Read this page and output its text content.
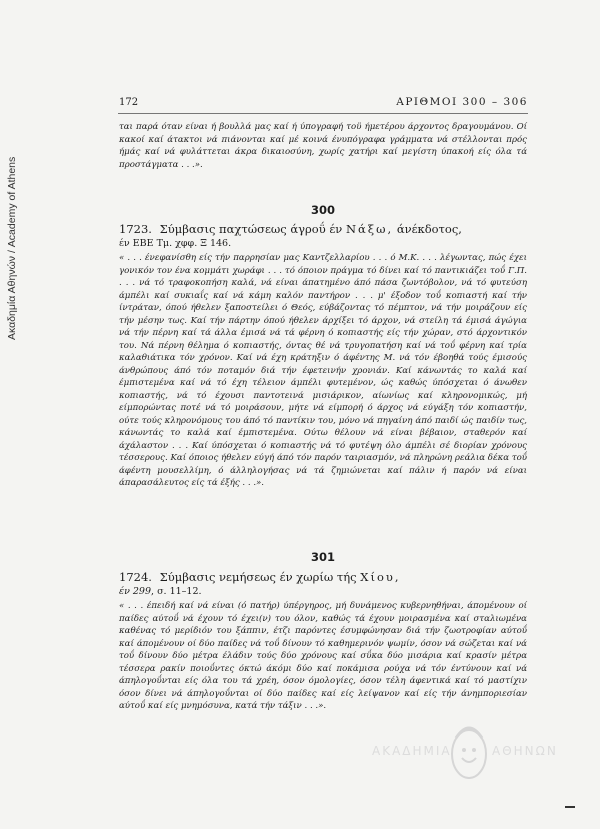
Ακαδημία Αθηνών / Academy of Athens
172	ΑΡΙΘΜΟΙ 300 – 306

ται παρά όταν είναι ή βουλλά μας καί ή ύπογραφή τοϋ ήμετέρου άρχοντος δραγουμάνου. Οί κακοί καί άτακτοι νά πιάνονται καί μέ κοινά ένυπόγραφα γράμματα νά στέλλονται πρός ήμάς καί νά φυλάττεται άκρα δικαιοσύνη, χωρίς χατήρι καί μεγίστη ύπακοή είς όλα τά προστάγματα . . .».

300
1723. Σύμβασις παχτώσεως άγροΰ έν Νάξω, άνέκδοτος,
έν ΕΒΕ Τμ. χφφ. Ξ 146.

« . . . ένεφανίσθη είς τήν παρρησίαν μας Καντζελλαρίου . . . ό Μ.Κ. . . . λέγωντας, πώς έχει γονικόν τον ένα κομμάτι χωράφι . . . τό όποιον πράγμα τό δίνει καί τό παντικιάζει τοΰ Γ.Π. . . . νά τό τραφοκοπήση καλά, νά είναι άπατημένο άπό πάσα ζωντόβολον, νά τό φυτεύση άμπέλι καί συκιαΐς καί νά κάμη καλόν παντήρον . . . μ' έξοδον τοΰ κοπιαστή καί τήν ίντράταν, όπού ήθελεν ξαποστείλει ό Θεός, εύβάζοντας τό πέμπτον, νά τήν μοιράζουν είς τήν μέσην τως. Καί τήν πάρτην όπού ήθελεν άρχίξει τό άρχον, νά στείλη τά έμισά άγώγια νά τήν πέρνη καί τά άλλα έμισά νά τά φέρνη ό κοπιαστής είς τήν χώραν, στό άρχοντικόν του. Νά πέρνη θέλημα ό κοπιαστής, όντας θέ νά τρυγοπατήση καί νά τοΰ φέρνη καί τρία καλαθιάτικα τόν χρόνον. Καί νά έχη κράτηξιν ό άφέντης Μ. νά τόν έβοηθά τούς έμισούς άνθρώπους άπό τόν ποταμόν διά τήν έφετεινήν χρονιάν. Καί κάνωντάς το καλά καί έμπιστεμένα καί νά τό έχη τέλειον άμπέλι φυτεμένον, ώς καθώς ύπόσχεται ό άνωθεν κοπιαστής, νά τό έχουσι παντοτεινά μισιάρικον, αίωνίως καί κληρονομικώς, μή είμπορώντας ποτέ νά τό μοιράσουν, μήτε νά είμπορή ό άρχος νά εύγάξη τόν κοπιαστήν, ούτε τούς κληρονόμους του άπό τό παντίκιν του, μόνο νά πηγαίνη άπό παιδί ώς παιδίν τως, κάνωντάς το καλά καί έμπιστεμένα. Ούτω θέλουν νά είναι βέβαιον, σταθερόν καί άχάλαστον . . . Καί ύπόσχεται ό κοπιαστής νά τό φυτέψη όλο άμπέλι σέ διορίαν χρόνους τέσσερους. Καί όποιος ήθελεν εύγή άπό τόν παρόν ταιριασμόν, νά πληρώνη ρεάλια δέκα τοΰ άφέντη μουσελλίμη, ό άλληλογήσας νά τά ζημιώνεται καί πάλιν ή παρόν νά είναι άπαρασάλευτος είς τά έξής . . .».

301
1724. Σύμβασις νεμήσεως έν χωρίω τής Χίου,
έν 299, σ. 11–12.

« . . . έπειδή καί νά είναι (ό πατήρ) ύπέργηρος, μή δυνάμενος κυβερνηθήναι, άπομένουν οί παίδες αύτοΰ νά έχουν τό έχει(ν) του όλον, καθώς τά έχουν μοιρασμένα καί σταλιωμένα καθένας τό μερίδιόν του ξάππιν, έτζι παρόντες έσυμφώνησαν διά τήν ζωοτροφίαν αύτοΰ καί άπομένουν οί δύο παίδες νά τοΰ δίνουν τό καθημερινόν ψωμίν, όσον νά σώζεται καί νά τοΰ δίνουν δύο μέτρα έλάδιν τούς δύο χρόνους καί σΰκα δύο μισάρια καί κρασίν μέτρα τέσσερα ρακίν ποιοΰντες όκτώ άκόμι δύο καί ποκάμισα ρούχα νά τόν έντύνουν καί νά άπηλογοΰνται είς όλα του τά χρέη, όσον όμολογίες, όσον τέλη άφεντικά καί τό μαστίχιν όσον δίνει νά άπηλογοΰνται οί δύο παίδες καί είς λείψανον καί είς τήν άνημποριεσίαν αύτοΰ καί είς μνημόσυνα, κατά τήν τάξιν . . .».

ΑΚΑΔΗΜΙΑ	ΑΘΗΝΩΝ
